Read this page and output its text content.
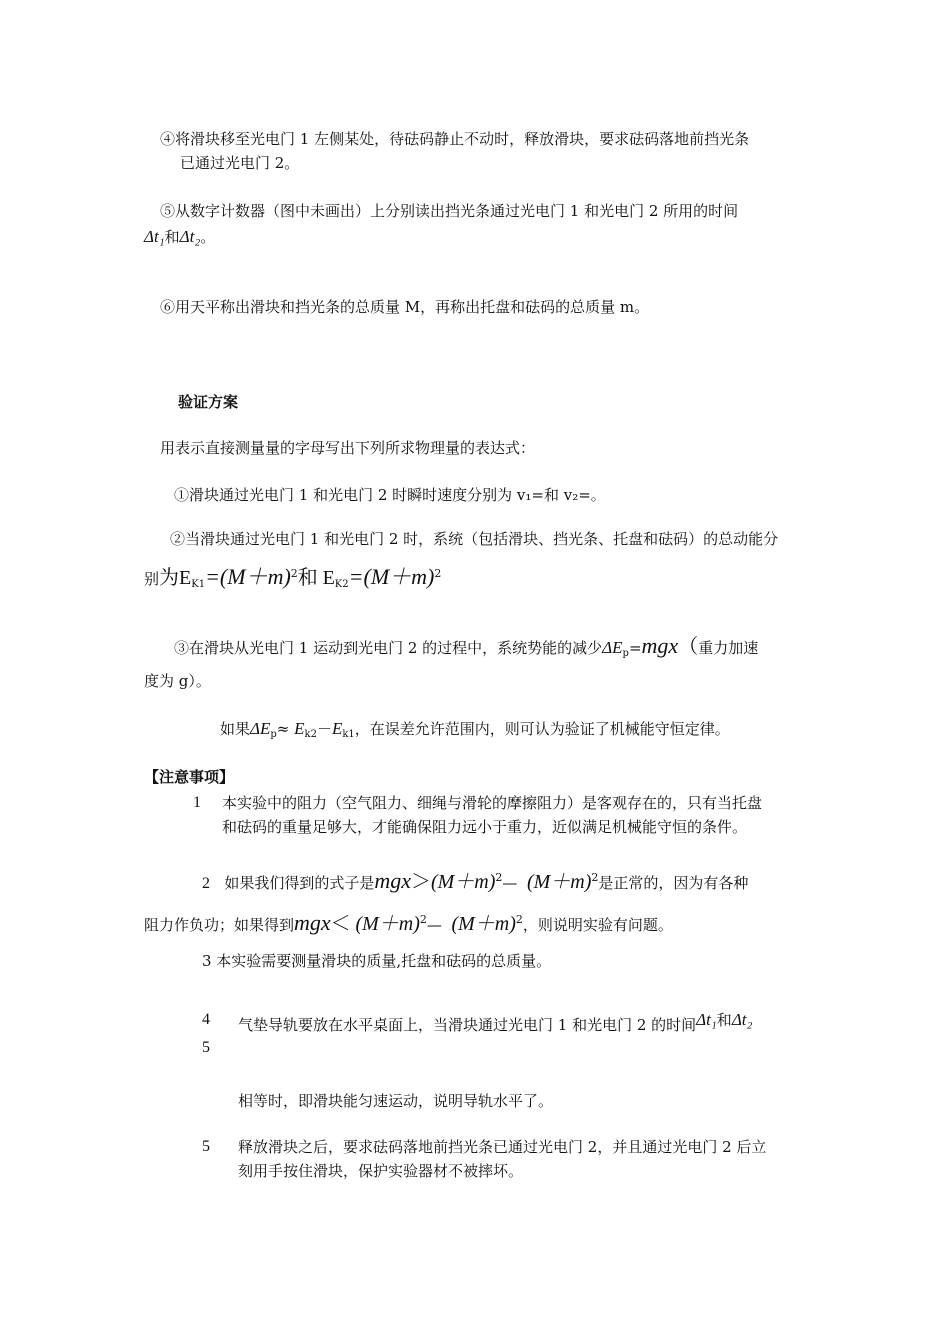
④将滑块移至光电门 1 左侧某处，待砝码静止不动时，释放滑块，要求砝码落地前挡光条
已通过光电门 2。
⑤从数字计数器（图中未画出）上分别读出挡光条通过光电门 1 和光电门 2 所用的时间
Δt₁和Δt₂。
⑥用天平称出滑块和挡光条的总质量 M，再称出托盘和砝码的总质量 m。
验证方案
用表示直接测量量的字母写出下列所求物理量的表达式：
①滑块通过光电门 1 和光电门 2 时瞬时速度分别为 v₁=和 v₂=。
②当滑块通过光电门 1 和光电门 2 时，系统（包括滑块、挡光条、托盘和砝码）的总动能分
别为$E_{K1}=(M+m)^2$和 $E_{K2}=(M+m)^2$
③在滑块从光电门 1 运动到光电门 2 的过程中，系统势能的减少$\Delta E_p=mgx$（重力加速
度为 g）。
如果$\Delta E_p\approx E_{k2}-E_{k1}$，在误差允许范围内，则可认为验证了机械能守恒定律。
【注意事项】
1 本实验中的阻力（空气阻力、细绳与滑轮的摩擦阻力）是客观存在的，只有当托盘
和砝码的重量足够大，才能确保阻力远小于重力，近似满足机械能守恒的条件。
2 如果我们得到的式子是$mgx>(M+m)^2—$ $(M+m)^2$是正常的，因为有各种
阻力作负功；如果得到$mgx< (M+m)^2—$ $(M+m)^2$，则说明实验有问题。
3 本实验需要测量滑块的质量,托盘和砝码的总质量。
4 气垫导轨要放在水平桌面上，当滑块通过光电门 1 和光电门 2 的时间Δt₁和Δt₂
5
相等时，即滑块能匀速运动，说明导轨水平了。
5 释放滑块之后，要求砝码落地前挡光条已通过光电门 2，并且通过光电门 2 后立
刻用手按住滑块，保护实验器材不被摔坏。
